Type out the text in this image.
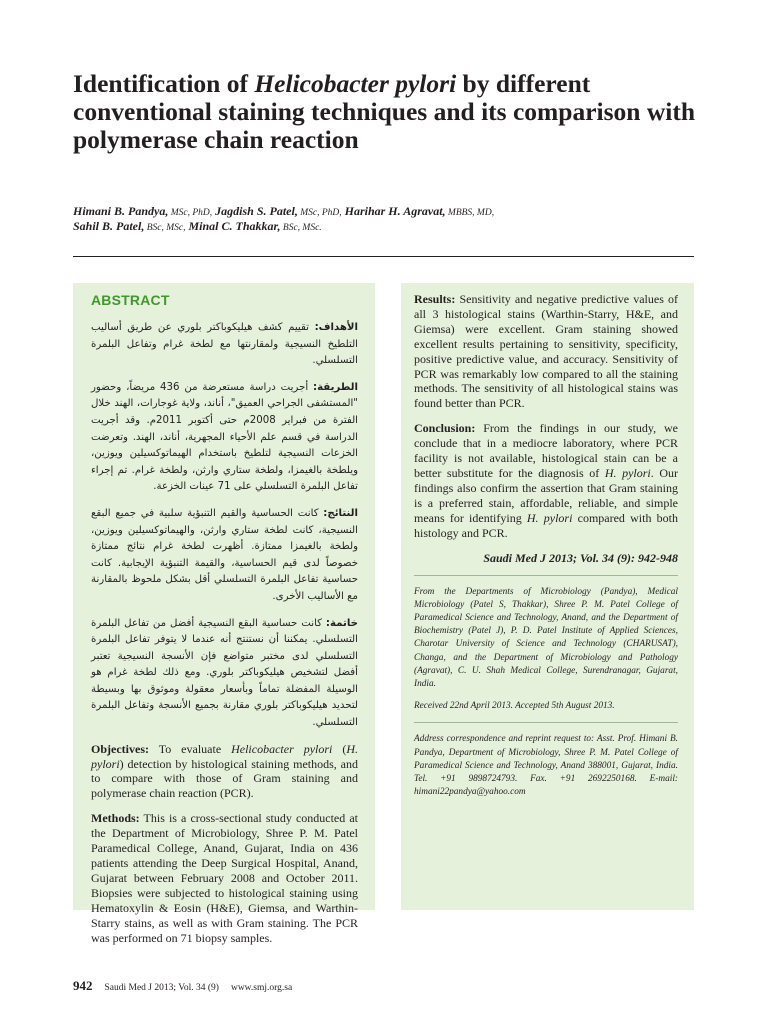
Identification of Helicobacter pylori by different conventional staining techniques and its comparison with polymerase chain reaction
Himani B. Pandya, MSc, PhD, Jagdish S. Patel, MSc, PhD, Harihar H. Agravat, MBBS, MD,
Sahil B. Patel, BSc, MSc, Minal C. Thakkar, BSc, MSc.
ABSTRACT

الأهداف: تقييم كشف هيليكوباكتر بلوري عن طريق أساليب التلطيخ النسيجية ولمقارنتها مع لطخة غرام وتفاعل البلمرة التسلسلي.

الطريقة: أجريت دراسة مستعرضة من 436 مريضاً، وحضور "المستشفى الجراحي العميق"، أناند، ولاية غوجارات، الهند خلال الفترة من فبراير 2008م حتى أكتوبر 2011م. وقد أجريت الدراسة في قسم علم الأحياء المجهرية، أناند، الهند. وتعرضت الخزعات النسيجية لتلطيخ باستخدام الهيماتوكسيلين ويوزين، ويلطخة بالغيمزا، ولطخة ستاري وارثن، ولطخة غرام. تم إجراء تفاعل البلمرة التسلسلي على 71 عينات الخزعة.

النتائج: كانت الحساسية والقيم التنبؤية سلبية في جميع البقع النسيجية، كانت لطخة ستاري وارثن، والهيماتوكسيلين ويوزين، ولطخة بالغيمزا ممتازة. أظهرت لطخة غرام نتائج ممتازة خصوصاً لدى قيم الحساسية، والقيمة التنبؤية الإيجابية. كانت حساسية تفاعل البلمرة التسلسلي أقل بشكل ملحوظ بالمقارنة مع الأساليب الأخرى.

خاتمة: كانت حساسية البقع النسيجية أفضل من تفاعل البلمرة التسلسلي. يمكننا أن نستنتج أنه عندما لا يتوفر تفاعل البلمرة التسلسلي لدى مختبر متواضع فإن الأنسجة النسيجية تعتبر أفضل لتشخيص هيليكوباكتر بلوري. ومع ذلك لطخة غرام هو الوسيلة المفضلة تماماً وبأسعار معقولة وموثوق بها وبسيطة لتحديد هيليكوباكتر بلوري مقارنة بجميع الأنسجة وتفاعل البلمرة التسلسلي.

Objectives: To evaluate Helicobacter pylori (H. pylori) detection by histological staining methods, and to compare with those of Gram staining and polymerase chain reaction (PCR).

Methods: This is a cross-sectional study conducted at the Department of Microbiology, Shree P. M. Patel Paramedical College, Anand, Gujarat, India on 436 patients attending the Deep Surgical Hospital, Anand, Gujarat between February 2008 and October 2011. Biopsies were subjected to histological staining using Hematoxylin & Eosin (H&E), Giemsa, and Warthin-Starry stains, as well as with Gram staining. The PCR was performed on 71 biopsy samples.

Results: Sensitivity and negative predictive values of all 3 histological stains (Warthin-Starry, H&E, and Giemsa) were excellent. Gram staining showed excellent results pertaining to sensitivity, specificity, positive predictive value, and accuracy. Sensitivity of PCR was remarkably low compared to all the staining methods. The sensitivity of all histological stains was found better than PCR.

Conclusion: From the findings in our study, we conclude that in a mediocre laboratory, where PCR facility is not available, histological stain can be a better substitute for the diagnosis of H. pylori. Our findings also confirm the assertion that Gram staining is a preferred stain, affordable, reliable, and simple means for identifying H. pylori compared with both histology and PCR.

Saudi Med J 2013; Vol. 34 (9): 942-948

From the Departments of Microbiology (Pandya), Medical Microbiology (Patel S, Thakkar), Shree P. M. Patel College of Paramedical Science and Technology, Anand, and the Department of Biochemistry (Patel J), P. D. Patel Institute of Applied Sciences, Charotar University of Science and Technology (CHARUSAT), Changa, and the Department of Microbiology and Pathology (Agravat), C. U. Shah Medical College, Surendranagar, Gujarat, India.

Received 22nd April 2013. Accepted 5th August 2013.

Address correspondence and reprint request to: Asst. Prof. Himani B. Pandya, Department of Microbiology, Shree P. M. Patel College of Paramedical Science and Technology, Anand 388001, Gujarat, India. Tel. +91 9898724793. Fax. +91 2692250168. E-mail: himani22pandya@yahoo.com

942 Saudi Med J 2013; Vol. 34 (9) www.smj.org.sa
